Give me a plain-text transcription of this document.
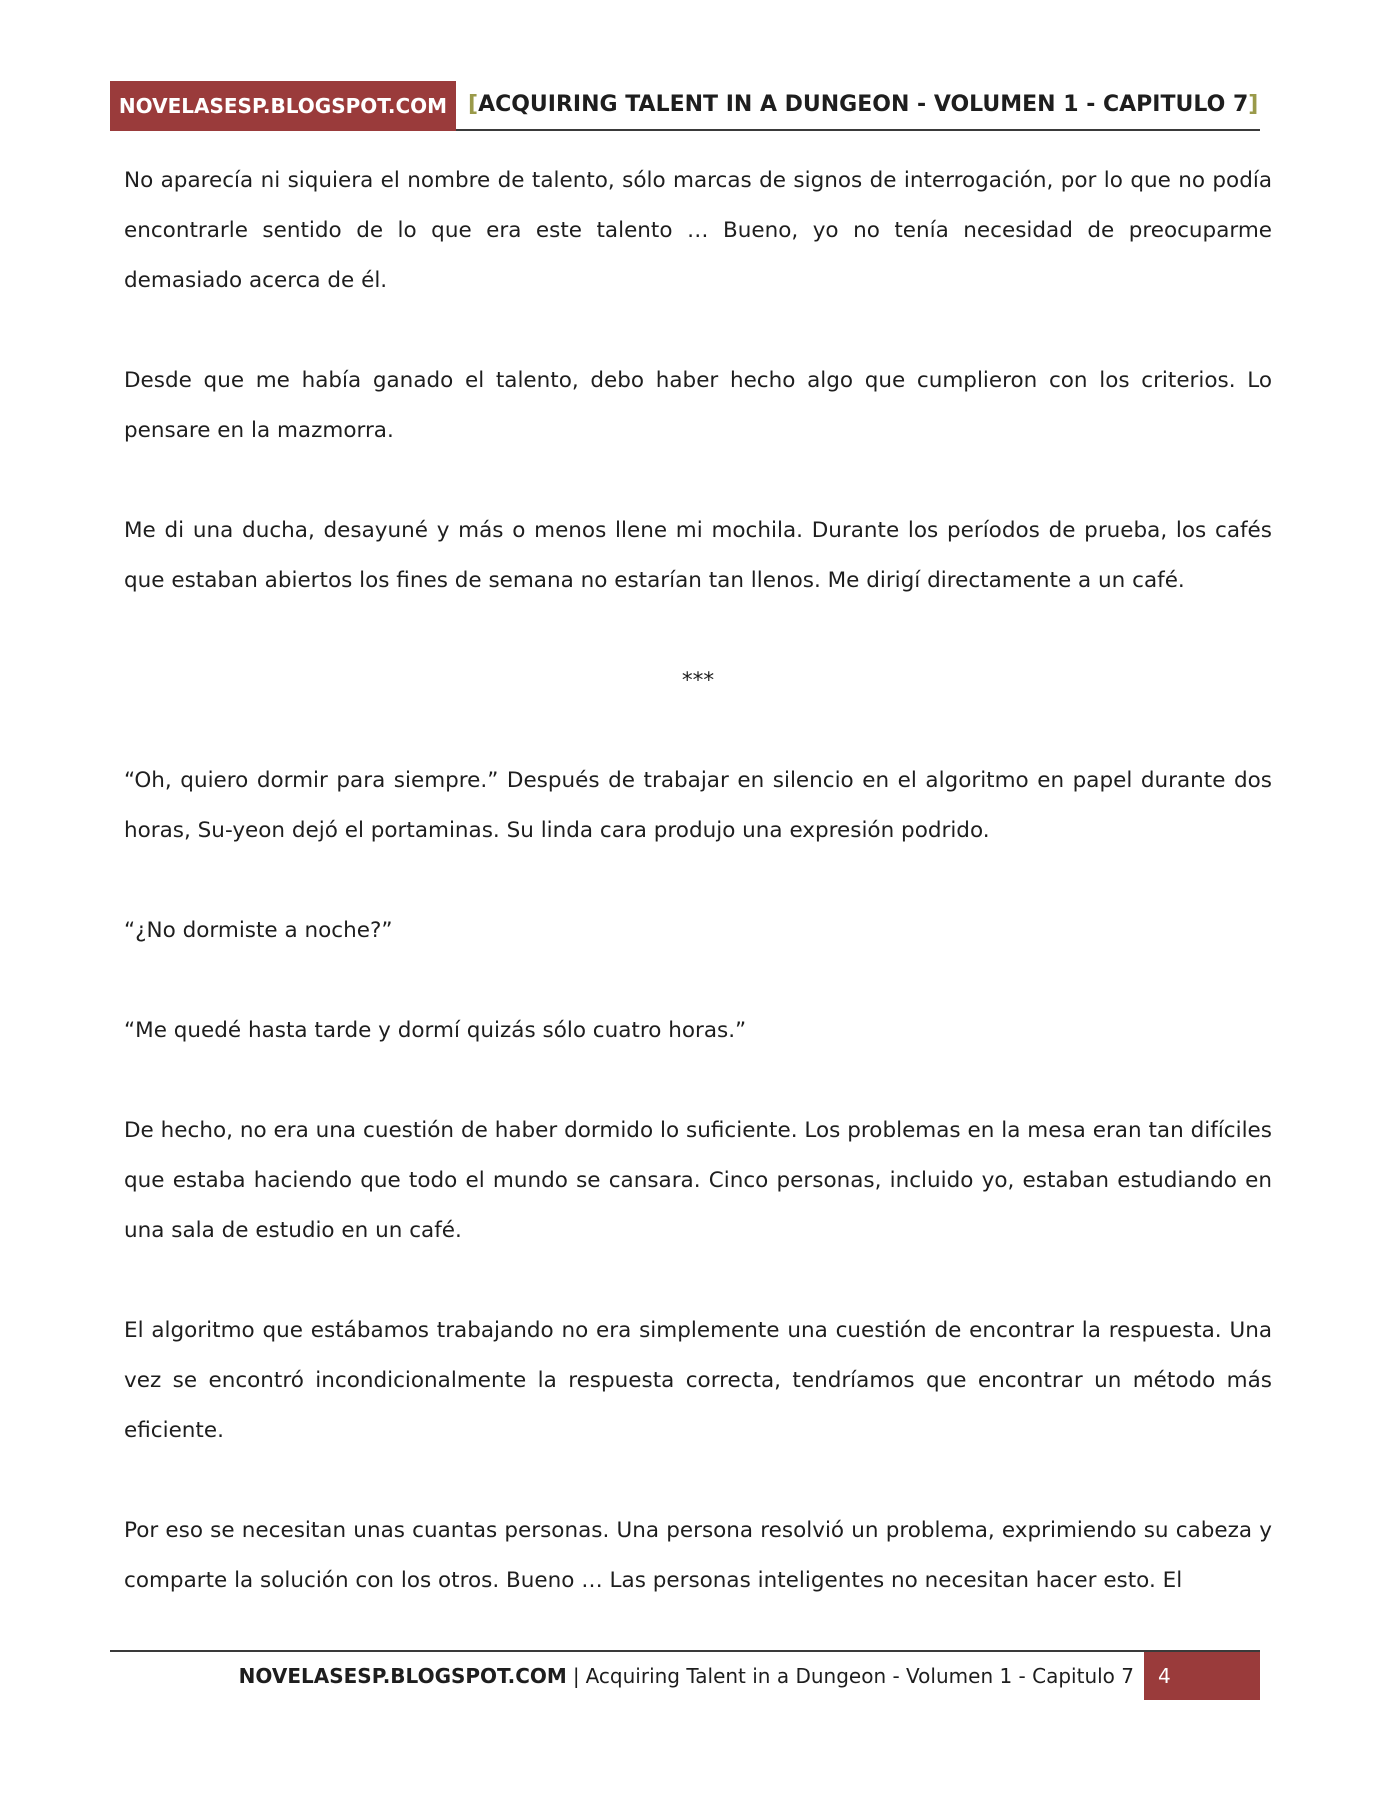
NOVELASESP.BLOGSPOT.COM [ACQUIRING TALENT IN A DUNGEON - VOLUMEN 1 - CAPITULO 7]

No aparecía ni siquiera el nombre de talento, sólo marcas de signos de interrogación, por lo que no podía encontrarle sentido de lo que era este talento … Bueno, yo no tenía necesidad de preocuparme demasiado acerca de él.

Desde que me había ganado el talento, debo haber hecho algo que cumplieron con los criterios. Lo pensare en la mazmorra.

Me di una ducha, desayuné y más o menos llene mi mochila. Durante los períodos de prueba, los cafés que estaban abiertos los fines de semana no estarían tan llenos. Me dirigí directamente a un café.

***

“Oh, quiero dormir para siempre.” Después de trabajar en silencio en el algoritmo en papel durante dos horas, Su-yeon dejó el portaminas. Su linda cara produjo una expresión podrido.

“¿No dormiste a noche?”

“Me quedé hasta tarde y dormí quizás sólo cuatro horas.”

De hecho, no era una cuestión de haber dormido lo suficiente. Los problemas en la mesa eran tan difíciles que estaba haciendo que todo el mundo se cansara. Cinco personas, incluido yo, estaban estudiando en una sala de estudio en un café.

El algoritmo que estábamos trabajando no era simplemente una cuestión de encontrar la respuesta. Una vez se encontró incondicionalmente la respuesta correcta, tendríamos que encontrar un método más eficiente.

Por eso se necesitan unas cuantas personas. Una persona resolvió un problema, exprimiendo su cabeza y comparte la solución con los otros. Bueno … Las personas inteligentes no necesitan hacer esto. El

NOVELASESP.BLOGSPOT.COM | Acquiring Talent in a Dungeon - Volumen 1 - Capitulo 7	4
